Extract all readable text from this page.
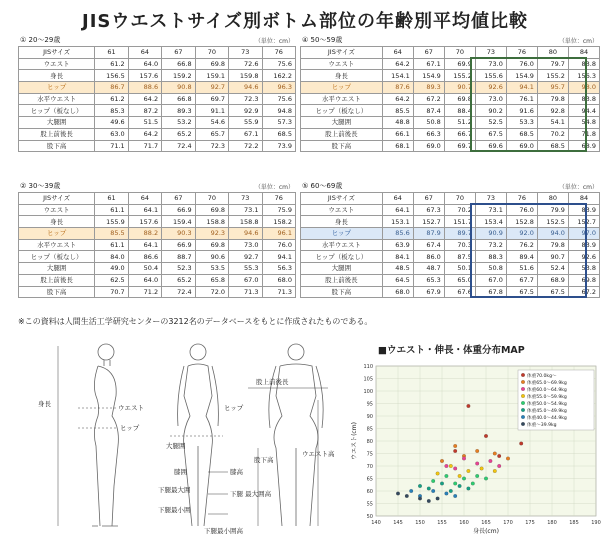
JISウエストサイズ別ボトム部位の年齢別平均値比較
① 20～29歳	（単位：cm）
JISサイズ	61	64	67	70	73	76
ウエスト	61.2	64.0	66.8	69.8	72.6	75.6
身長	156.5	157.6	159.2	159.1	159.8	162.2
ヒップ	86.7	88.6	90.8	92.7	94.6	96.3
水平ウエスト	61.2	64.2	66.8	69.7	72.3	75.6
ヒップ（板なし）	85.3	87.2	89.3	91.1	92.9	94.8
大腿囲	49.6	51.5	53.2	54.6	55.9	57.3
股上前後長	63.0	64.2	65.2	65.7	67.1	68.5
股下高	71.1	71.7	72.4	72.3	72.2	73.9
② 30～39歳	（単位：cm）
JISサイズ	61	64	67	70	73	76
ウエスト	61.1	64.1	66.9	69.8	73.1	75.9
身長	155.9	157.6	159.4	158.8	158.8	158.2
ヒップ	85.5	88.2	90.3	92.3	94.6	96.1
水平ウエスト	61.1	64.1	66.9	69.8	73.0	76.0
ヒップ（板なし）	84.0	86.6	88.7	90.6	92.7	94.1
大腿囲	49.0	50.4	52.3	53.5	55.3	56.3
股上前後長	62.5	64.0	65.2	65.8	67.0	68.0
股下高	70.7	71.2	72.4	72.0	71.3	71.3
④ 50～59歳	（単位：cm）
JISサイズ	64	67	70	73	76	80	84
ウエスト	64.2	67.1	69.9	73.0	76.0	79.7	83.8
身長	154.1	154.9	155.2	155.6	154.9	155.2	156.3
ヒップ	87.6	89.3	90.7	92.6	94.1	95.7	98.0
水平ウエスト	64.2	67.2	69.8	73.0	76.1	79.8	83.8
ヒップ（板なし）	85.5	87.4	88.4	90.2	91.6	92.8	94.4
大腿囲	48.8	50.8	51.2	52.5	53.3	54.1	54.8
股上前後長	66.1	66.3	66.7	67.5	68.5	70.2	71.8
股下高	68.1	69.0	69.7	69.6	69.0	68.5	68.9
⑤ 60～69歳	（単位：cm）
JISサイズ	64	67	70	73	76	80	84
ウエスト	64.1	67.3	70.2	73.1	76.0	79.9	83.9
身長	153.1	152.7	151.7	153.4	152.8	152.5	152.7
ヒップ	85.6	87.9	89.7	90.9	92.0	94.0	97.0
水平ウエスト	63.9	67.4	70.3	73.2	76.2	79.8	83.9
ヒップ（板なし）	84.1	86.0	87.5	88.3	89.4	90.7	92.6
大腿囲	48.5	48.7	50.1	50.8	51.6	52.4	53.8
股上前後長	64.5	65.3	65.0	67.0	67.7	68.9	69.8
股下高	68.0	67.9	67.6	67.8	67.5	67.5	67.2
※この資料は人間生活工学研究センターの3212名のデータベースをもとに作成されたものである。
身長	ウエスト
ヒップ
ヒップ
大腿囲
膝囲
下腿最大囲
下腿最小囲
膝高
下腿 最大囲高
下腿最小囲高
股上前後長
股下高
ウエスト高
■ウエスト・伸長・体重分布MAP
140 145 150 155 160 165 170 175 180 185 190
50
55
60
65
70
75
80
85
90
95
100
105
110
身長(cm)
ウエスト(cm)
体重70.0kg～
体重65.0～69.9kg
体重60.0～64.9kg
体重55.0～59.9kg
体重50.0～54.9kg
体重45.0～49.9kg
体重40.0～44.9kg
体重～39.9kg
